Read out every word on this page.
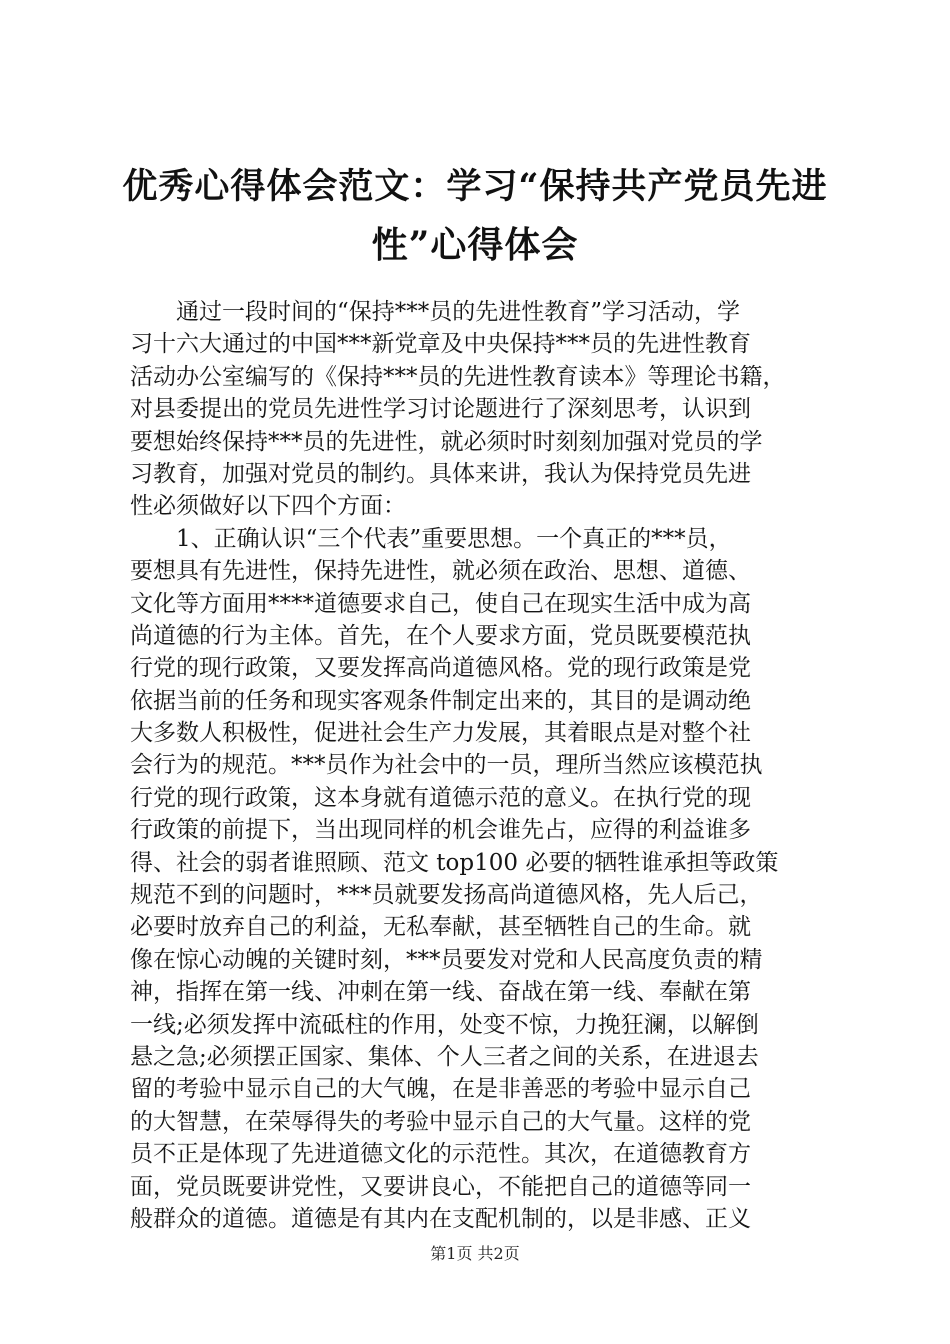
优秀心得体会范文：学习“保持共产党员先进
性”心得体会
通过一段时间的“保持***员的先进性教育”学习活动，学
习十六大通过的中国***新党章及中央保持***员的先进性教育
活动办公室编写的《保持***员的先进性教育读本》等理论书籍，
对县委提出的党员先进性学习讨论题进行了深刻思考，认识到
要想始终保持***员的先进性，就必须时时刻刻加强对党员的学
习教育，加强对党员的制约。具体来讲，我认为保持党员先进
性必须做好以下四个方面：
1、正确认识“三个代表”重要思想。一个真正的***员，
要想具有先进性，保持先进性，就必须在政治、思想、道德、
文化等方面用****道德要求自己，使自己在现实生活中成为高
尚道德的行为主体。首先，在个人要求方面，党员既要模范执
行党的现行政策，又要发挥高尚道德风格。党的现行政策是党
依据当前的任务和现实客观条件制定出来的，其目的是调动绝
大多数人积极性，促进社会生产力发展，其着眼点是对整个社
会行为的规范。***员作为社会中的一员，理所当然应该模范执
行党的现行政策，这本身就有道德示范的意义。在执行党的现
行政策的前提下，当出现同样的机会谁先占，应得的利益谁多
得、社会的弱者谁照顾、范文 top100 必要的牺牲谁承担等政策
规范不到的问题时，***员就要发扬高尚道德风格，先人后己，
必要时放弃自己的利益，无私奉献，甚至牺牲自己的生命。就
像在惊心动魄的关键时刻，***员要发对党和人民高度负责的精
神，指挥在第一线、冲刺在第一线、奋战在第一线、奉献在第
一线;必须发挥中流砥柱的作用，处变不惊，力挽狂澜，以解倒
悬之急;必须摆正国家、集体、个人三者之间的关系，在进退去
留的考验中显示自己的大气魄，在是非善恶的考验中显示自己
的大智慧，在荣辱得失的考验中显示自己的大气量。这样的党
员不正是体现了先进道德文化的示范性。其次，在道德教育方
面，党员既要讲党性，又要讲良心，不能把自己的道德等同一
般群众的道德。道德是有其内在支配机制的，以是非感、正义
第1页 共2页
